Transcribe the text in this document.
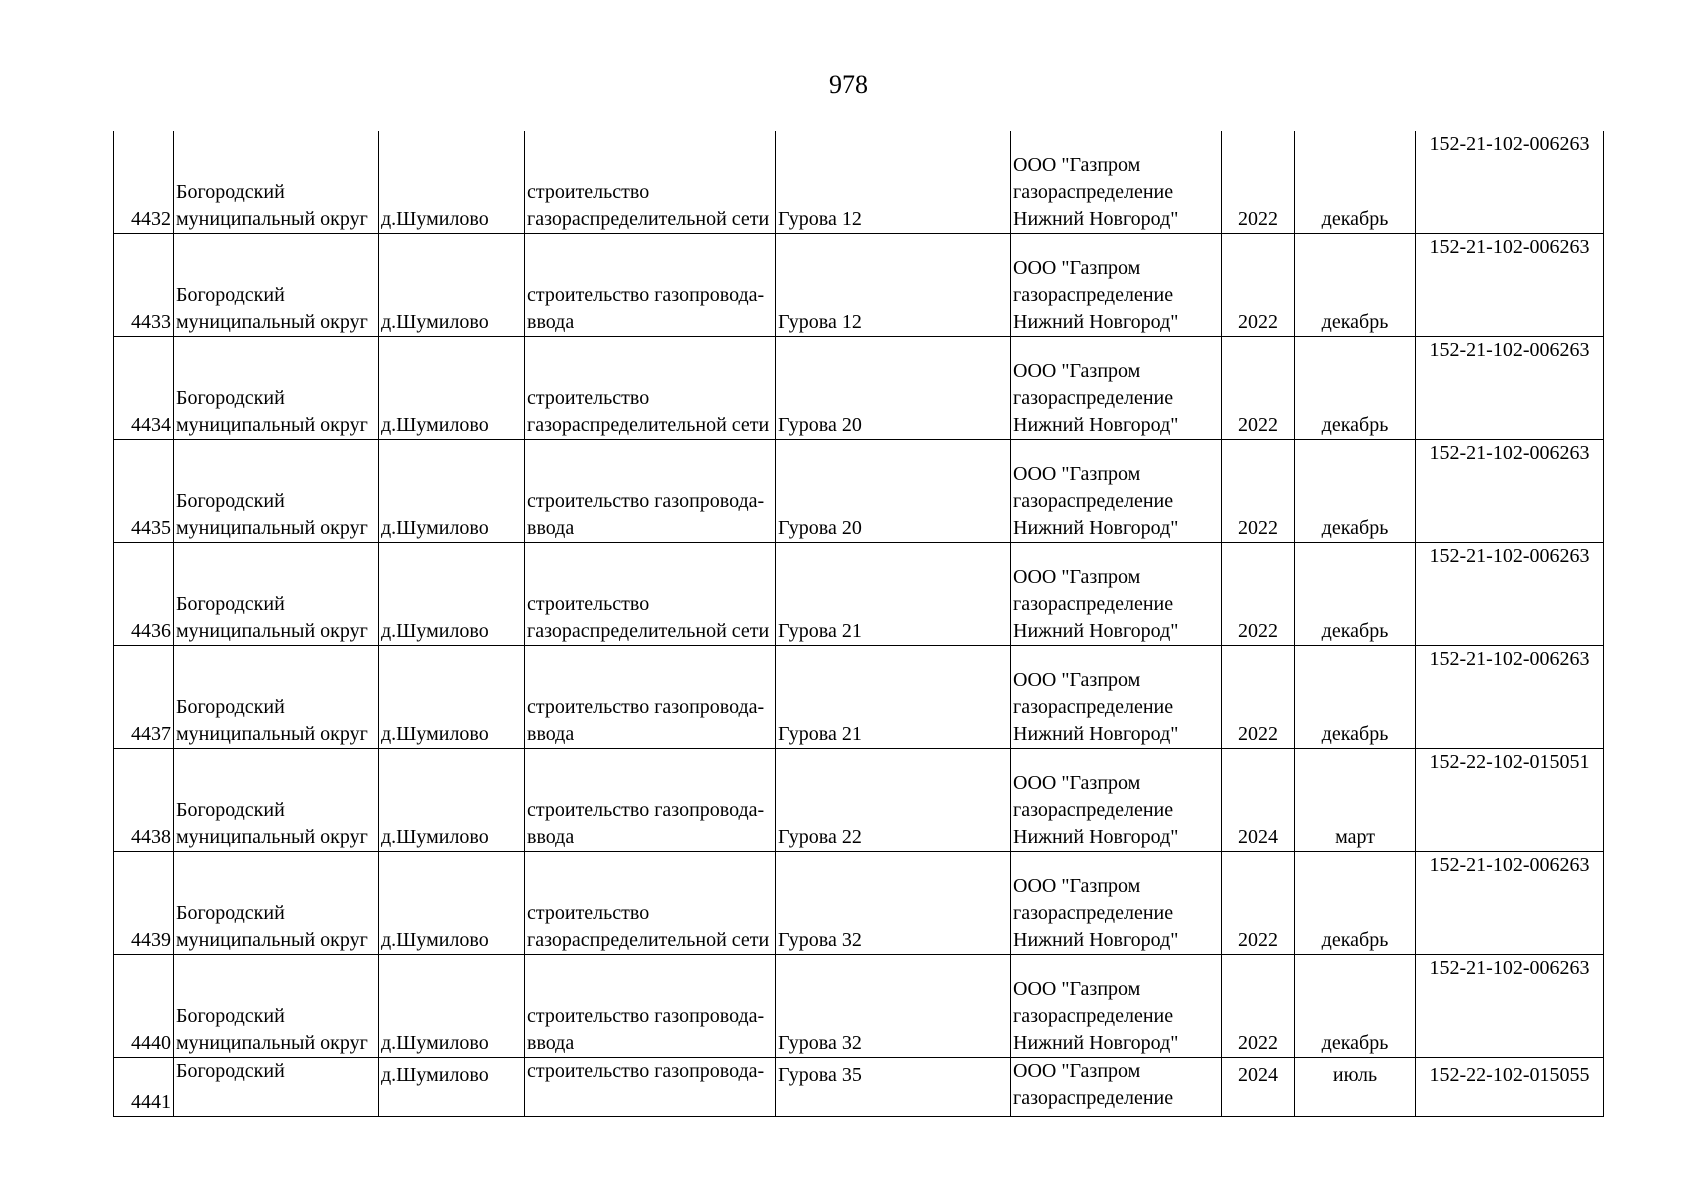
978
4432	Богородский
муниципальный округ	д.Шумилово	строительство
газораспределительной сети	Гурова 12	ООО "Газпром
газораспределение
Нижний Новгород"	2022	декабрь	152-21-102-006263

4433	Богородский
муниципальный округ	д.Шумилово	строительство газопровода-
ввода	Гурова 12	ООО "Газпром
газораспределение
Нижний Новгород"	2022	декабрь	152-21-102-006263

4434	Богородский
муниципальный округ	д.Шумилово	строительство
газораспределительной сети	Гурова 20	ООО "Газпром
газораспределение
Нижний Новгород"	2022	декабрь	152-21-102-006263

4435	Богородский
муниципальный округ	д.Шумилово	строительство газопровода-
ввода	Гурова 20	ООО "Газпром
газораспределение
Нижний Новгород"	2022	декабрь	152-21-102-006263

4436	Богородский
муниципальный округ	д.Шумилово	строительство
газораспределительной сети	Гурова 21	ООО "Газпром
газораспределение
Нижний Новгород"	2022	декабрь	152-21-102-006263

4437	Богородский
муниципальный округ	д.Шумилово	строительство газопровода-
ввода	Гурова 21	ООО "Газпром
газораспределение
Нижний Новгород"	2022	декабрь	152-21-102-006263

4438	Богородский
муниципальный округ	д.Шумилово	строительство газопровода-
ввода	Гурова 22	ООО "Газпром
газораспределение
Нижний Новгород"	2024	март	152-22-102-015051

4439	Богородский
муниципальный округ	д.Шумилово	строительство
газораспределительной сети	Гурова 32	ООО "Газпром
газораспределение
Нижний Новгород"	2022	декабрь	152-21-102-006263

4440	Богородский
муниципальный округ	д.Шумилово	строительство газопровода-
ввода	Гурова 32	ООО "Газпром
газораспределение
Нижний Новгород"	2022	декабрь	152-21-102-006263

4441	Богородский	д.Шумилово	строительство газопровода-	Гурова 35	ООО "Газпром
газораспределение	2024	июль	152-22-102-015055
